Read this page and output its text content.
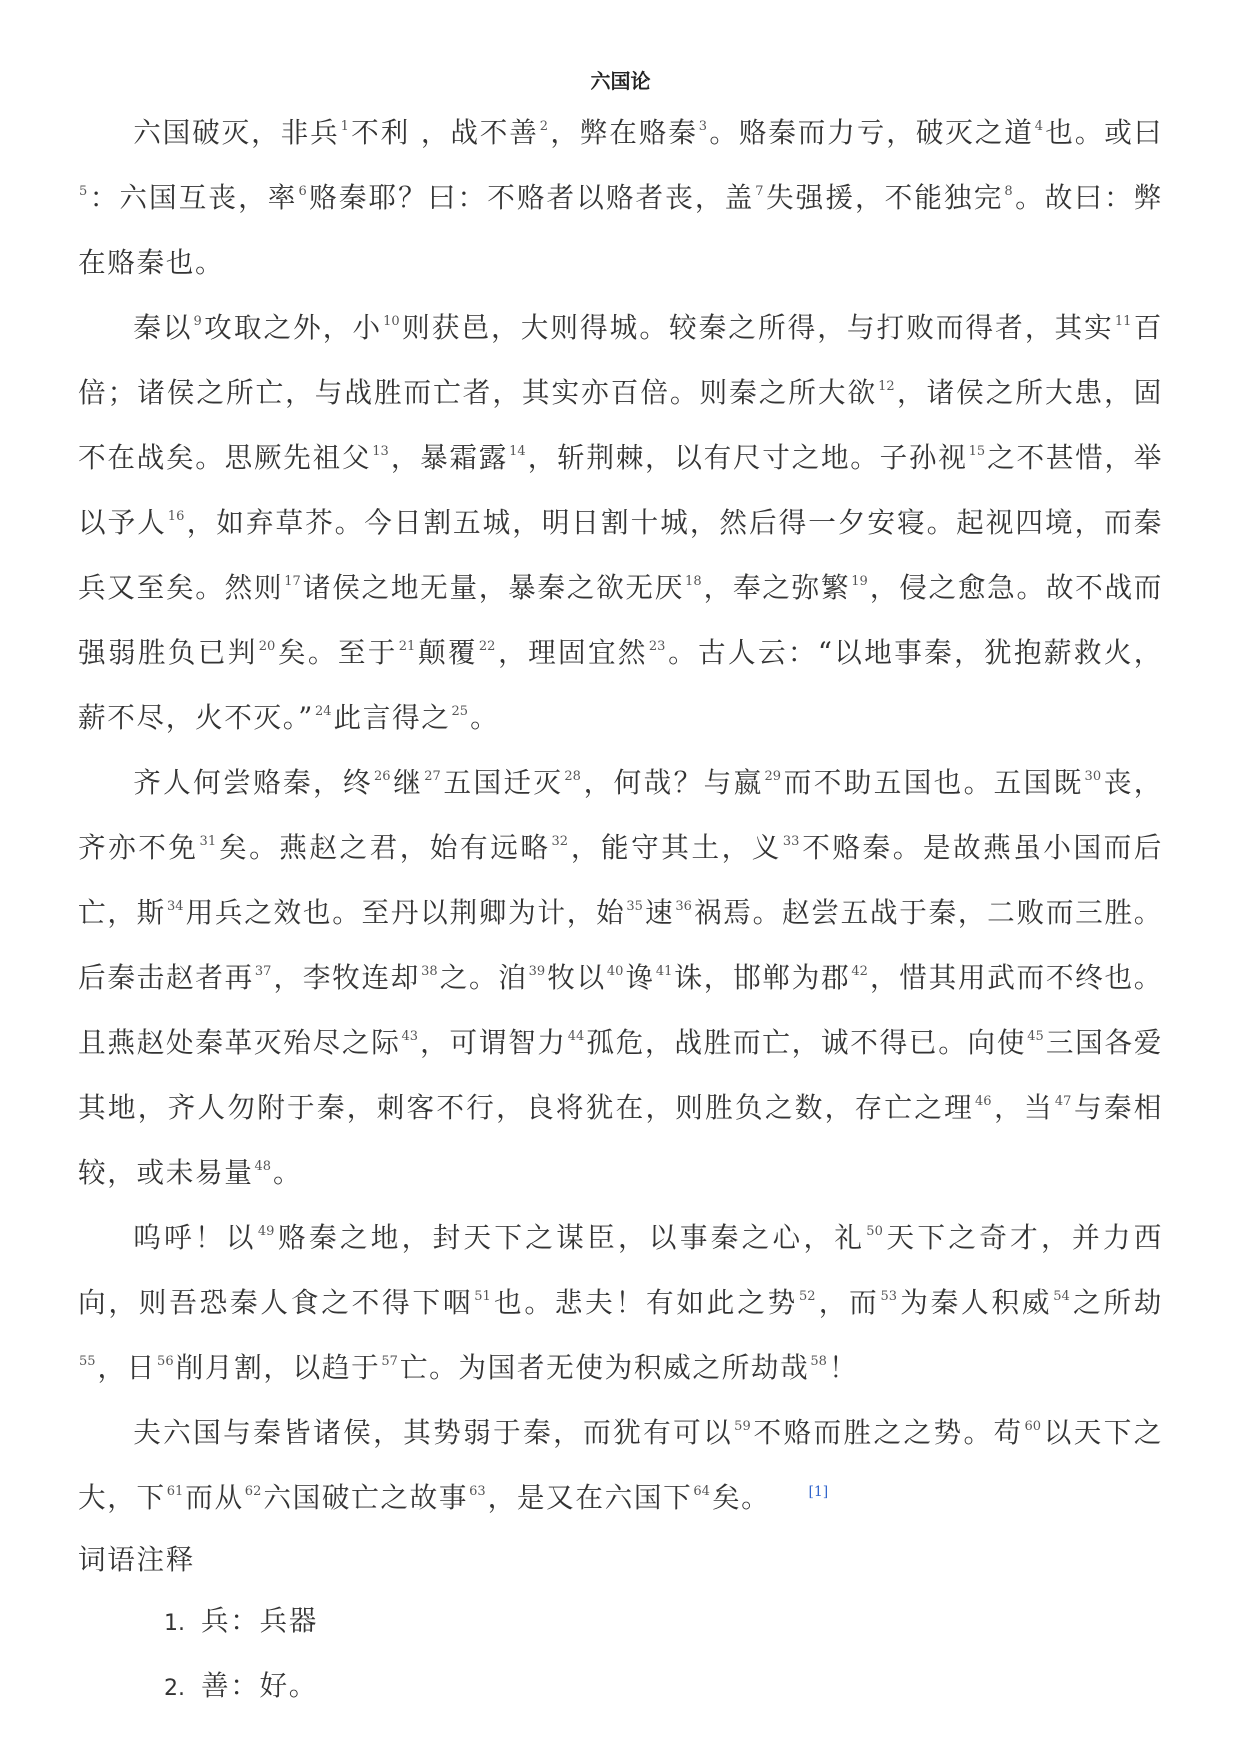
六国论

六国破灭，非兵$^1$不利 ，战不善$^2$，弊在赂秦$^3$。赂秦而力亏，破灭之道$^4$也。或曰$^5$：六国互丧，率$^6$赂秦耶？曰：不赂者以赂者丧，盖$^7$失强援，不能独完$^8$。故曰：弊在赂秦也。

秦以$^9$攻取之外，小$^{10}$则获邑，大则得城。较秦之所得，与打败而得者，其实$^{11}$百倍；诸侯之所亡，与战胜而亡者，其实亦百倍。则秦之所大欲$^{12}$，诸侯之所大患，固不在战矣。思厥先祖父$^{13}$，暴霜露$^{14}$，斩荆棘，以有尺寸之地。子孙视$^{15}$之不甚惜，举以予人$^{16}$，如弃草芥。今日割五城，明日割十城，然后得一夕安寝。起视四境，而秦兵又至矣。然则$^{17}$诸侯之地无量，暴秦之欲无厌$^{18}$，奉之弥繁$^{19}$，侵之愈急。故不战而强弱胜负已判$^{20}$矣。至于$^{21}$颠覆$^{22}$，理固宜然$^{23}$。古人云：“以地事秦，犹抱薪救火，薪不尽，火不灭。”$^{24}$此言得之$^{25}$。

齐人何尝赂秦，终$^{26}$继$^{27}$五国迁灭$^{28}$，何哉？与嬴$^{29}$而不助五国也。五国既$^{30}$丧，齐亦不免$^{31}$矣。燕赵之君，始有远略$^{32}$，能守其土，义$^{33}$不赂秦。是故燕虽小国而后亡，斯$^{34}$用兵之效也。至丹以荆卿为计，始$^{35}$速$^{36}$祸焉。赵尝五战于秦，二败而三胜。后秦击赵者再$^{37}$，李牧连却$^{38}$之。洎$^{39}$牧以$^{40}$谗$^{41}$诛，邯郸为郡$^{42}$，惜其用武而不终也。且燕赵处秦革灭殆尽之际$^{43}$，可谓智力$^{44}$孤危，战胜而亡，诚不得已。向使$^{45}$三国各爱其地，齐人勿附于秦，刺客不行，良将犹在，则胜负之数，存亡之理$^{46}$，当$^{47}$与秦相较，或未易量$^{48}$。

呜呼！以$^{49}$赂秦之地，封天下之谋臣，以事秦之心，礼$^{50}$天下之奇才，并力西向，则吾恐秦人食之不得下咽$^{51}$也。悲夫！有如此之势$^{52}$，而$^{53}$为秦人积威$^{54}$之所劫$^{55}$，日$^{56}$削月割，以趋于$^{57}$亡。为国者无使为积威之所劫哉$^{58}$！

夫六国与秦皆诸侯，其势弱于秦，而犹有可以$^{59}$不赂而胜之之势。苟$^{60}$以天下之大，下$^{61}$而从$^{62}$六国破亡之故事$^{63}$，是又在六国下$^{64}$矣。	[1]

词语注释
1. 兵：兵器
2. 善：好。
